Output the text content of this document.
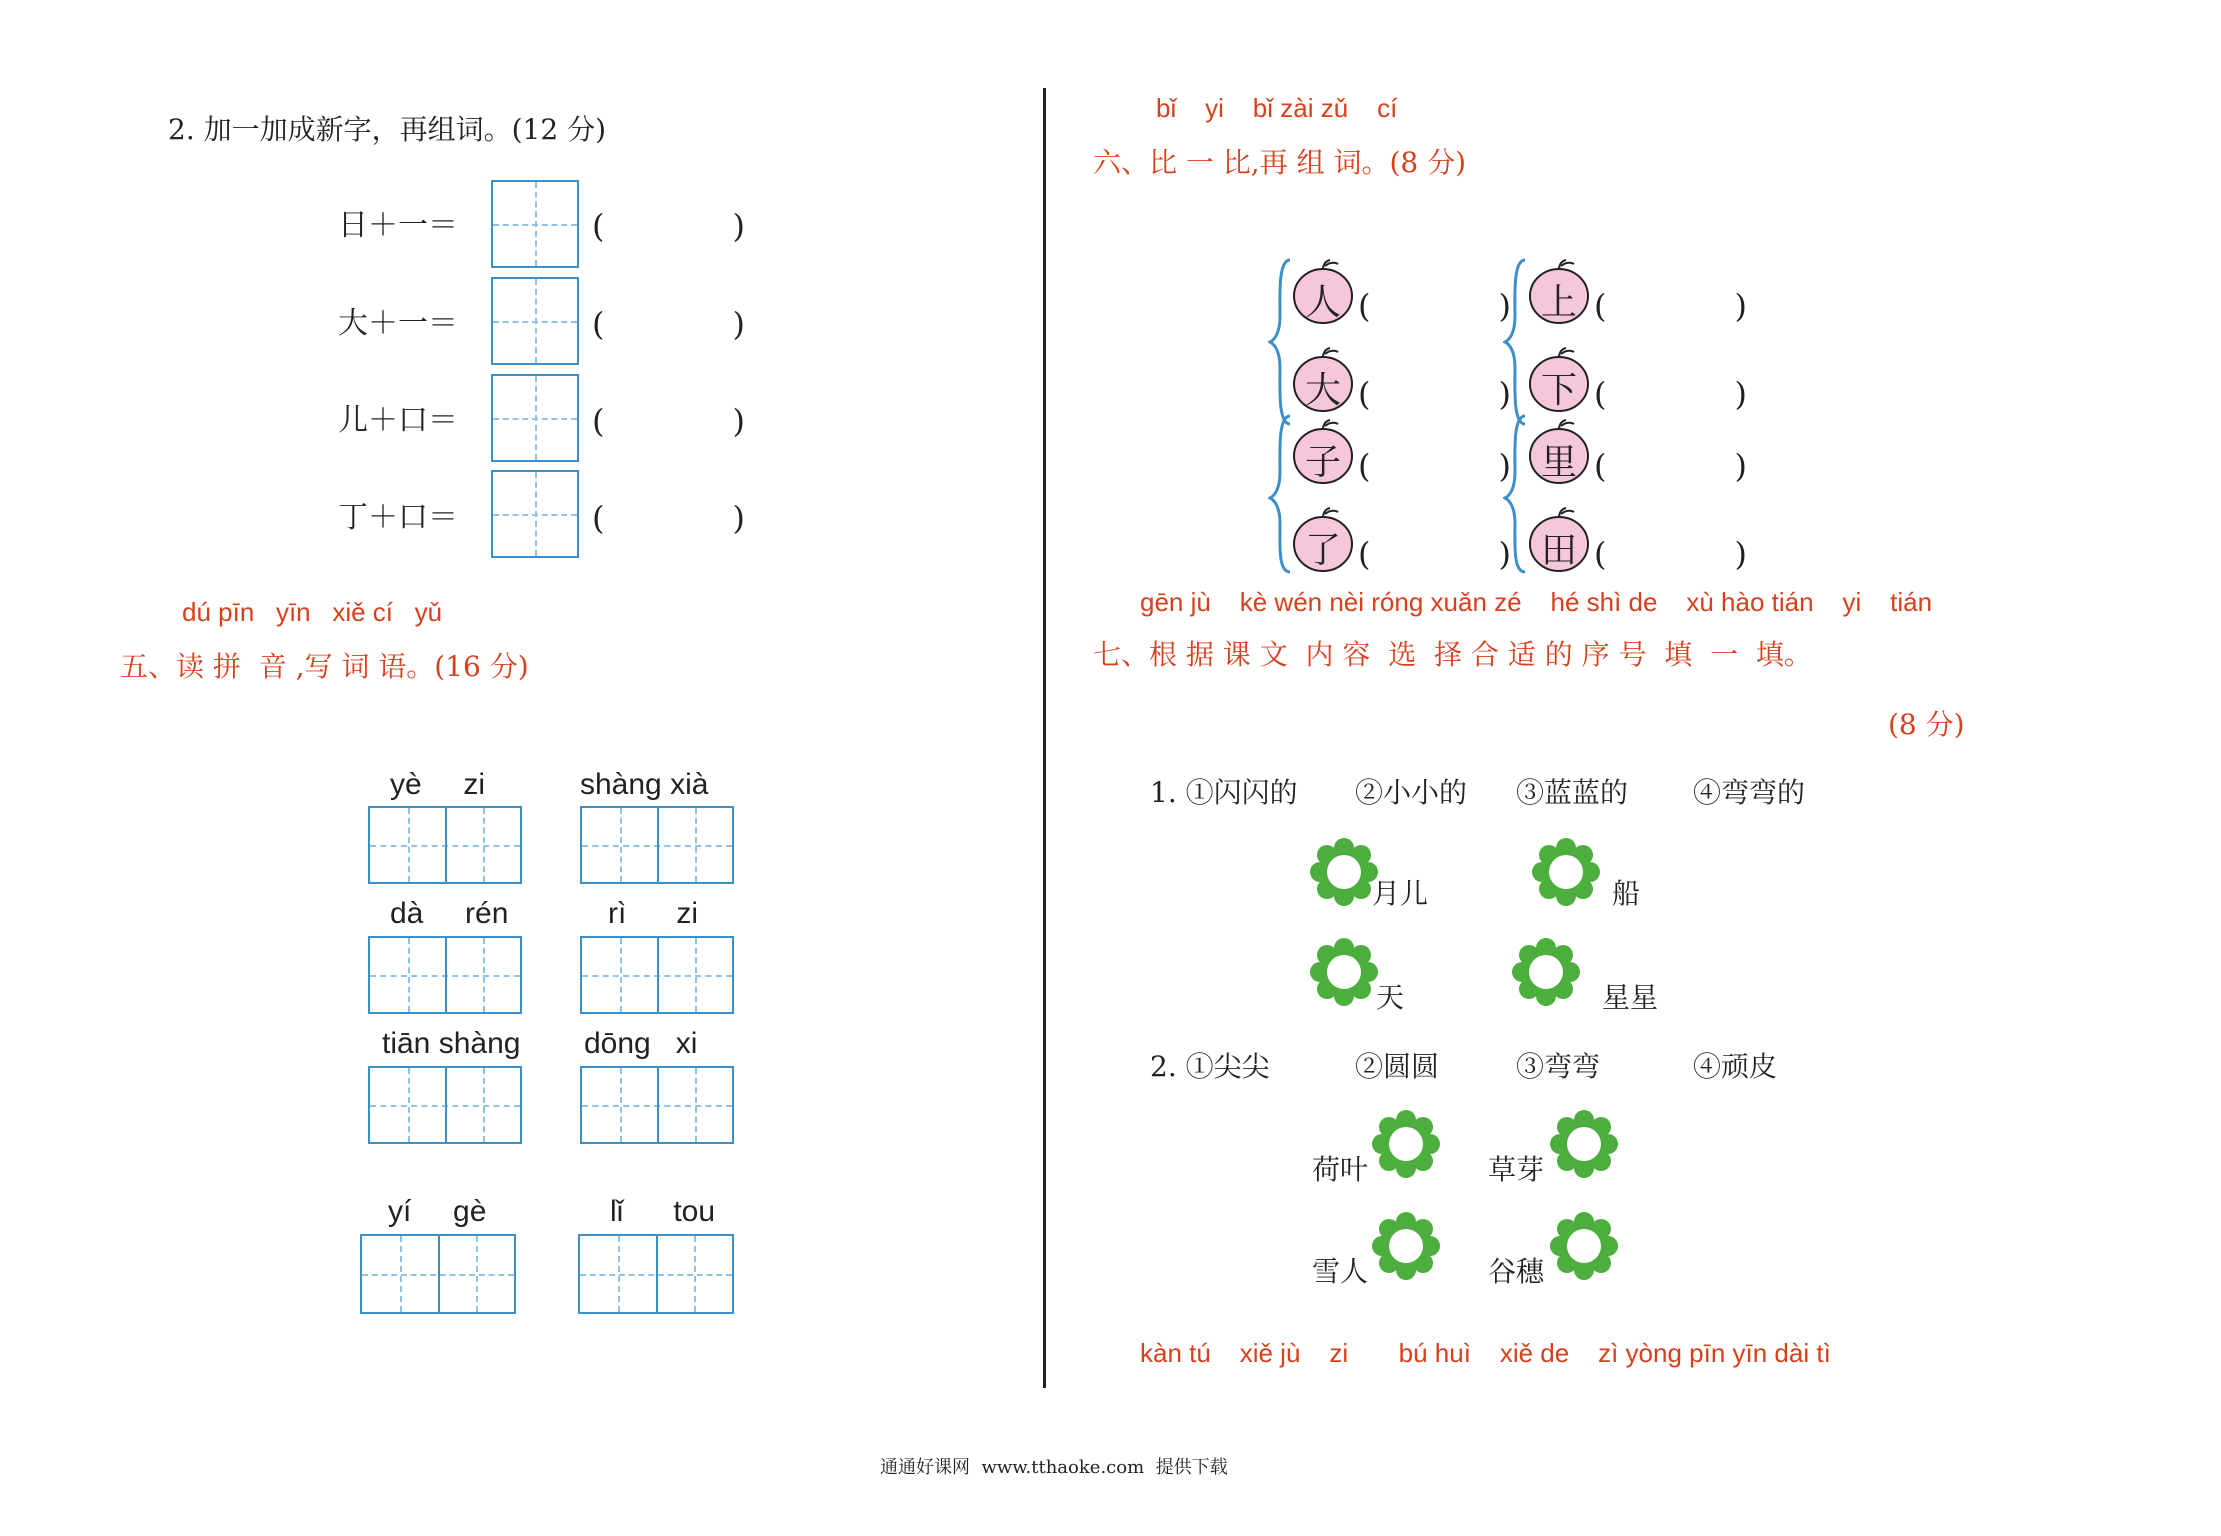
2. 加一加成新字，再组词。(12 分)
日＋一＝	(　　　　)
大＋一＝	(　　　　)
儿＋口＝	(　　　　)
丁＋口＝	(　　　　)
dú pīn   yīn   xiě cí   yǔ
五、读 拼  音 ,写 词 语。(16 分)
yè     zi	shàng xià
dà     rén	rì      zi
tiān shàng dōng   xi
yí     gè	lǐ      tou
bǐ    yi    bǐ zài zǔ    cí
六、比 一 比,再 组 词。(8 分)
人 (　　　　)
大 (　　　　)
子 (　　　　)
了 (　　　　)
上 (　　　　)
下 (　　　　)
里 (　　　　)
田 (　　　　)
gēn jù    kè wén nèi róng xuǎn zé    hé shì de    xù hào tián    yi    tián
七、根 据 课 文  内 容  选  择 合 适 的 序 号  填  一  填。
(8 分)
1. ①闪闪的 ②小小的 ③蓝蓝的 ④弯弯的
月儿	船
天	星星
2. ①尖尖	②圆圆	③弯弯	④顽皮
荷叶	草芽
雪人	谷穗
kàn tú    xiě jù    zi       bú huì    xiě de    zì yòng pīn yīn dài tì
通通好课网  www.tthaoke.com  提供下载
